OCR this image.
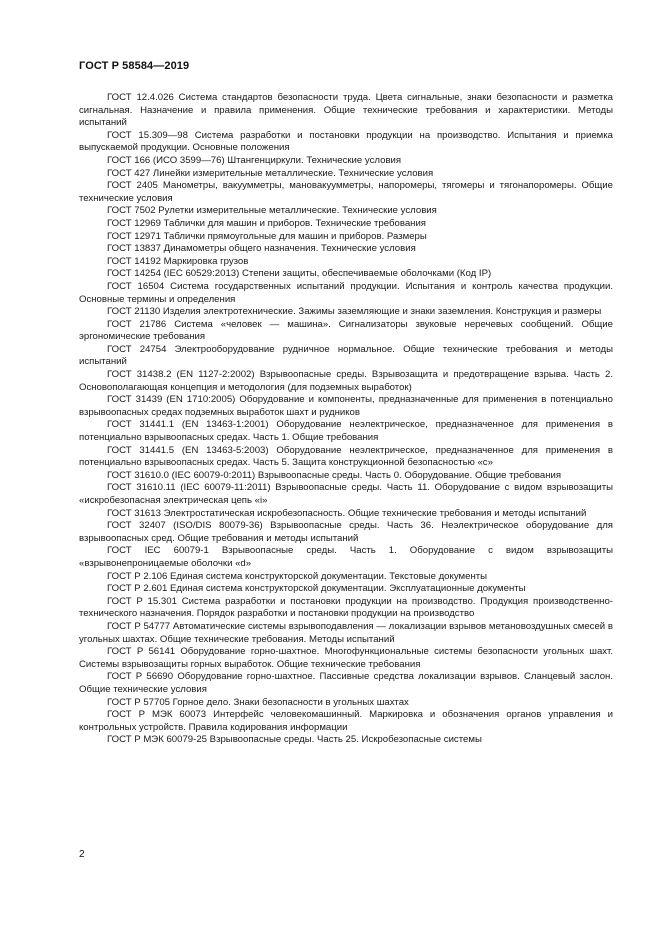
ГОСТ Р 58584—2019

ГОСТ 12.4.026 Система стандартов безопасности труда. Цвета сигнальные, знаки безопасности и разметка сигнальная. Назначение и правила применения. Общие технические требования и характеристики. Методы испытаний

ГОСТ 15.309—98 Система разработки и постановки продукции на производство. Испытания и приемка выпускаемой продукции. Основные положения

ГОСТ 166 (ИСО 3599—76) Штангенциркули. Технические условия

ГОСТ 427 Линейки измерительные металлические. Технические условия

ГОСТ 2405 Манометры, вакуумметры, мановакуумметры, напоромеры, тягомеры и тягонапоромеры. Общие технические условия

ГОСТ 7502 Рулетки измерительные металлические. Технические условия

ГОСТ 12969 Таблички для машин и приборов. Технические требования

ГОСТ 12971 Таблички прямоугольные для машин и приборов. Размеры

ГОСТ 13837 Динамометры общего назначения. Технические условия

ГОСТ 14192 Маркировка грузов

ГОСТ 14254 (IEC 60529:2013) Степени защиты, обеспечиваемые оболочками (Код IP)

ГОСТ 16504 Система государственных испытаний продукции. Испытания и контроль качества продукции. Основные термины и определения

ГОСТ 21130 Изделия электротехнические. Зажимы заземляющие и знаки заземления. Конструкция и размеры

ГОСТ 21786 Система «человек — машина». Сигнализаторы звуковые неречевых сообщений. Общие эргономические требования

ГОСТ 24754 Электрооборудование рудничное нормальное. Общие технические требования и методы испытаний

ГОСТ 31438.2 (EN 1127-2:2002) Взрывоопасные среды. Взрывозащита и предотвращение взрыва. Часть 2. Основополагающая концепция и методология (для подземных выработок)

ГОСТ 31439 (EN 1710:2005) Оборудование и компоненты, предназначенные для применения в потенциально взрывоопасных средах подземных выработок шахт и рудников

ГОСТ 31441.1 (EN 13463-1:2001) Оборудование неэлектрическое, предназначенное для применения в потенциально взрывоопасных средах. Часть 1. Общие требования

ГОСТ 31441.5 (EN 13463-5:2003) Оборудование неэлектрическое, предназначенное для применения в потенциально взрывоопасных средах. Часть 5. Защита конструкционной безопасностью «с»

ГОСТ 31610.0 (IEC 60079-0:2011) Взрывоопасные среды. Часть 0. Оборудование. Общие требования

ГОСТ 31610.11 (IEC 60079-11:2011) Взрывоопасные среды. Часть 11. Оборудование с видом взрывозащиты «искробезопасная электрическая цепь «i»

ГОСТ 31613 Электростатическая искробезопасность. Общие технические требования и методы испытаний

ГОСТ 32407 (ISO/DIS 80079-36) Взрывоопасные среды. Часть 36. Неэлектрическое оборудование для взрывоопасных сред. Общие требования и методы испытаний

ГОСТ IEC 60079-1 Взрывоопасные среды. Часть 1. Оборудование с видом взрывозащиты «взрывонепроницаемые оболочки «d»

ГОСТ Р 2.106 Единая система конструкторской документации. Текстовые документы

ГОСТ Р 2.601 Единая система конструкторской документации. Эксплуатационные документы

ГОСТ Р 15.301 Система разработки и постановки продукции на производство. Продукция производственно-технического назначения. Порядок разработки и постановки продукции на производство

ГОСТ Р 54777 Автоматические системы взрывоподавления — локализации взрывов метановоздушных смесей в угольных шахтах. Общие технические требования. Методы испытаний

ГОСТ Р 56141 Оборудование горно-шахтное. Многофункциональные системы безопасности угольных шахт. Системы взрывозащиты горных выработок. Общие технические требования

ГОСТ Р 56690 Оборудование горно-шахтное. Пассивные средства локализации взрывов. Сланцевый заслон. Общие технические условия

ГОСТ Р 57705 Горное дело. Знаки безопасности в угольных шахтах

ГОСТ Р МЭК 60073 Интерфейс человекомашинный. Маркировка и обозначения органов управления и контрольных устройств. Правила кодирования информации

ГОСТ Р МЭК 60079-25 Взрывоопасные среды. Часть 25. Искробезопасные системы

2
